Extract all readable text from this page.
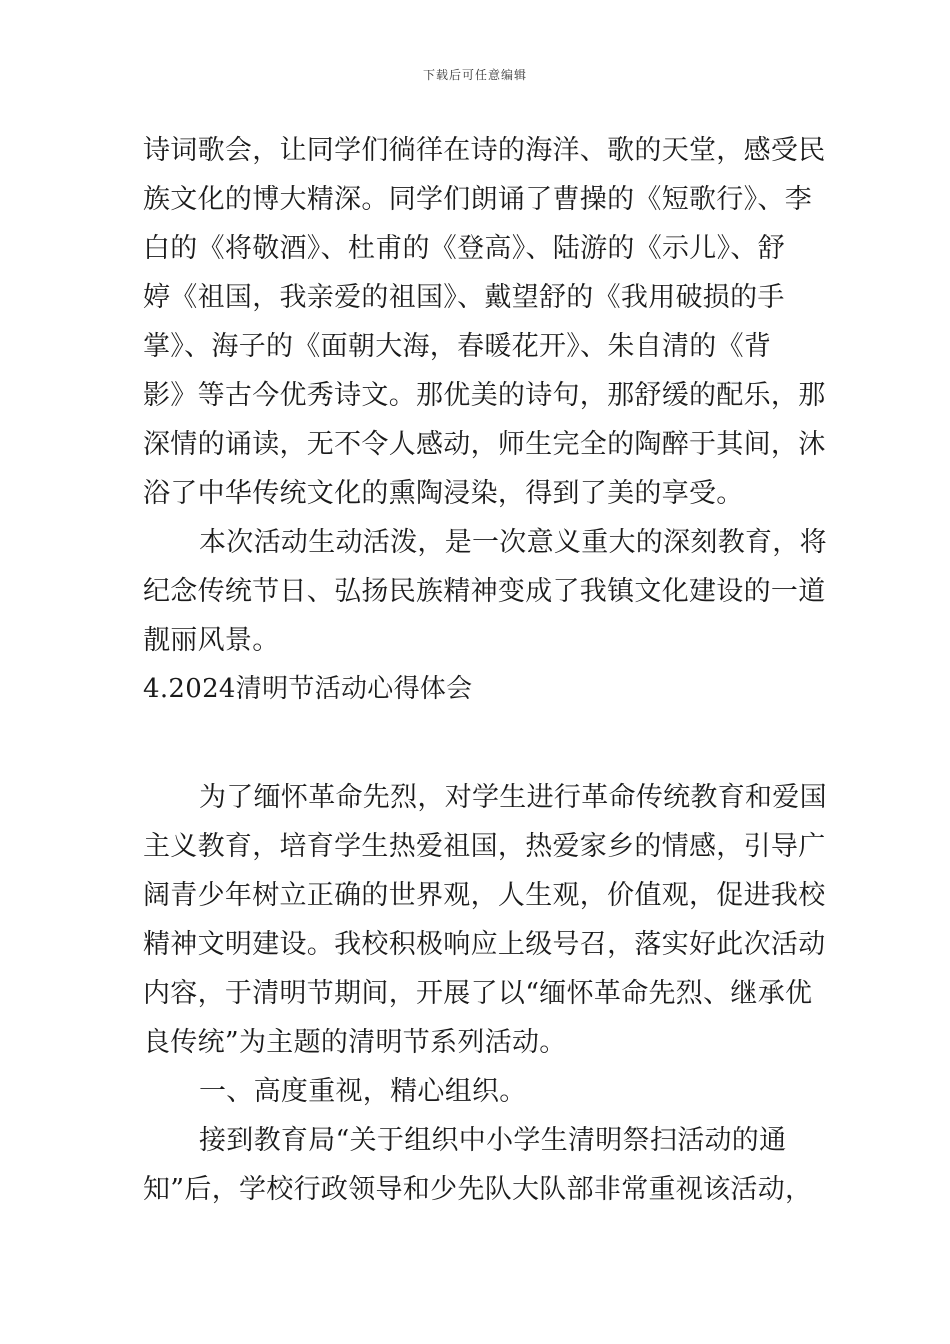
下载后可任意编辑
诗词歌会，让同学们徜徉在诗的海洋、歌的天堂，感受民
族文化的博大精深。同学们朗诵了曹操的《短歌行》、李
白的《将敬酒》、杜甫的《登高》、陆游的《示儿》、舒
婷《祖国，我亲爱的祖国》、戴望舒的《我用破损的手
掌》、海子的《面朝大海，春暖花开》、朱自清的《背
影》等古今优秀诗文。那优美的诗句，那舒缓的配乐，那
深情的诵读，无不令人感动，师生完全的陶醉于其间，沐
浴了中华传统文化的熏陶浸染，得到了美的享受。
本次活动生动活泼，是一次意义重大的深刻教育，将
纪念传统节日、弘扬民族精神变成了我镇文化建设的一道
靓丽风景。
4.2024清明节活动心得体会
为了缅怀革命先烈，对学生进行革命传统教育和爱国
主义教育，培育学生热爱祖国，热爱家乡的情感，引导广
阔青少年树立正确的世界观，人生观，价值观，促进我校
精神文明建设。我校积极响应上级号召，落实好此次活动
内容，于清明节期间，开展了以“缅怀革命先烈、继承优
良传统”为主题的清明节系列活动。
一、高度重视，精心组织。
接到教育局“关于组织中小学生清明祭扫活动的通
知”后，学校行政领导和少先队大队部非常重视该活动，
